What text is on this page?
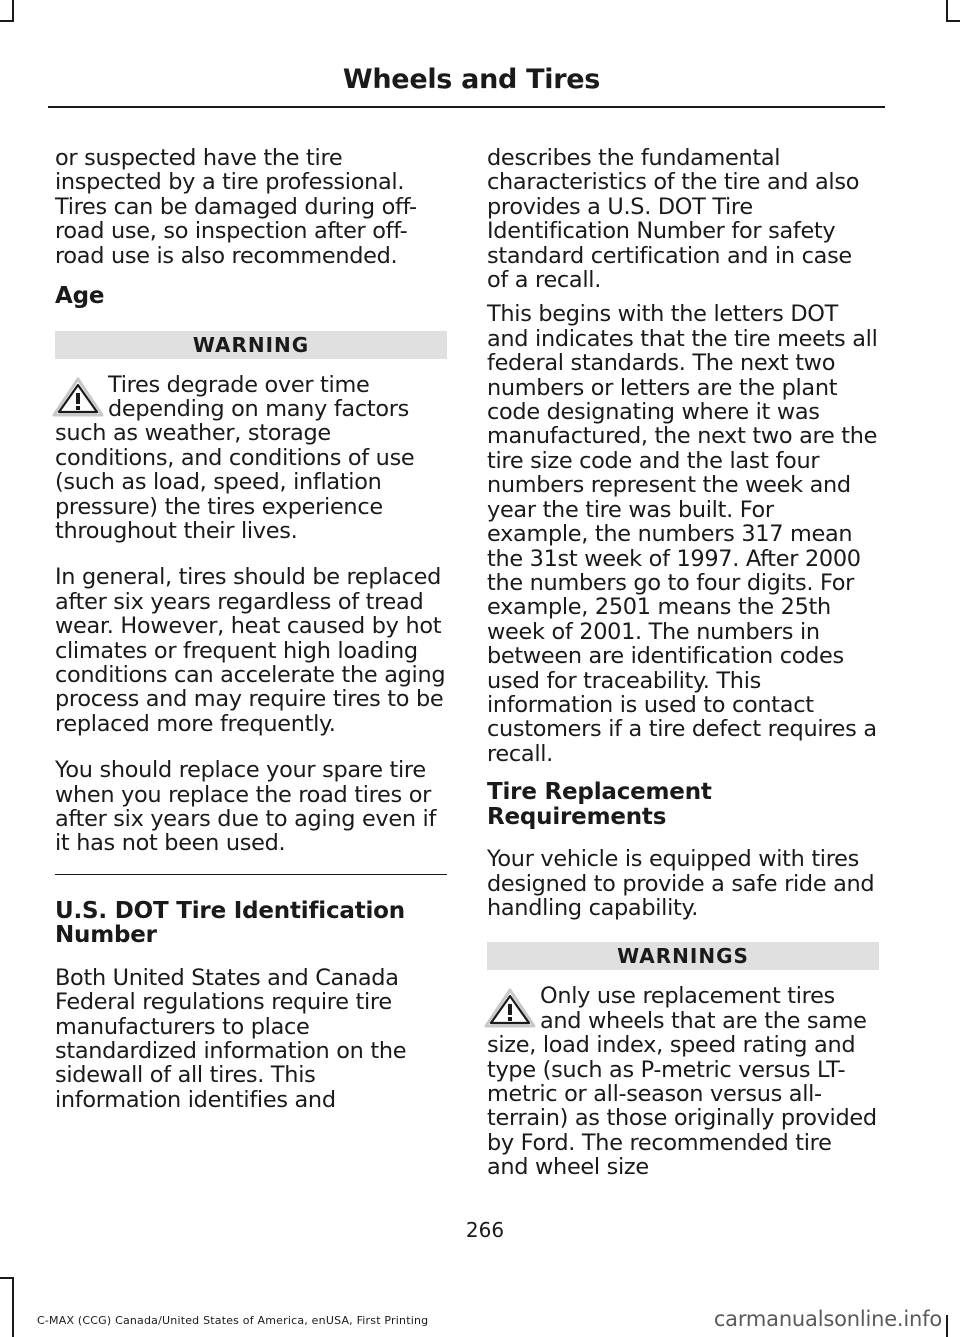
Wheels and Tires

or suspected have the tire inspected by a tire professional. Tires can be damaged during off-road use, so inspection after off-road use is also recommended.

Age
WARNING
Tires degrade over time depending on many factors such as weather, storage conditions, and conditions of use (such as load, speed, inflation pressure) the tires experience throughout their lives.

In general, tires should be replaced after six years regardless of tread wear. However, heat caused by hot climates or frequent high loading conditions can accelerate the aging process and may require tires to be replaced more frequently.

You should replace your spare tire when you replace the road tires or after six years due to aging even if it has not been used.

U.S. DOT Tire Identification Number

Both United States and Canada Federal regulations require tire manufacturers to place standardized information on the sidewall of all tires. This information identifies and

describes the fundamental characteristics of the tire and also provides a U.S. DOT Tire Identification Number for safety standard certification and in case of a recall.

This begins with the letters DOT and indicates that the tire meets all federal standards. The next two numbers or letters are the plant code designating where it was manufactured, the next two are the tire size code and the last four numbers represent the week and year the tire was built. For example, the numbers 317 mean the 31st week of 1997. After 2000 the numbers go to four digits. For example, 2501 means the 25th week of 2001. The numbers in between are identification codes used for traceability. This information is used to contact customers if a tire defect requires a recall.

Tire Replacement Requirements

Your vehicle is equipped with tires designed to provide a safe ride and handling capability.

WARNINGS
Only use replacement tires and wheels that are the same size, load index, speed rating and type (such as P-metric versus LT-metric or all-season versus all-terrain) as those originally provided by Ford. The recommended tire and wheel size
266
C-MAX (CCG) Canada/United States of America, enUSA, First Printing	carmanualsonline.info
